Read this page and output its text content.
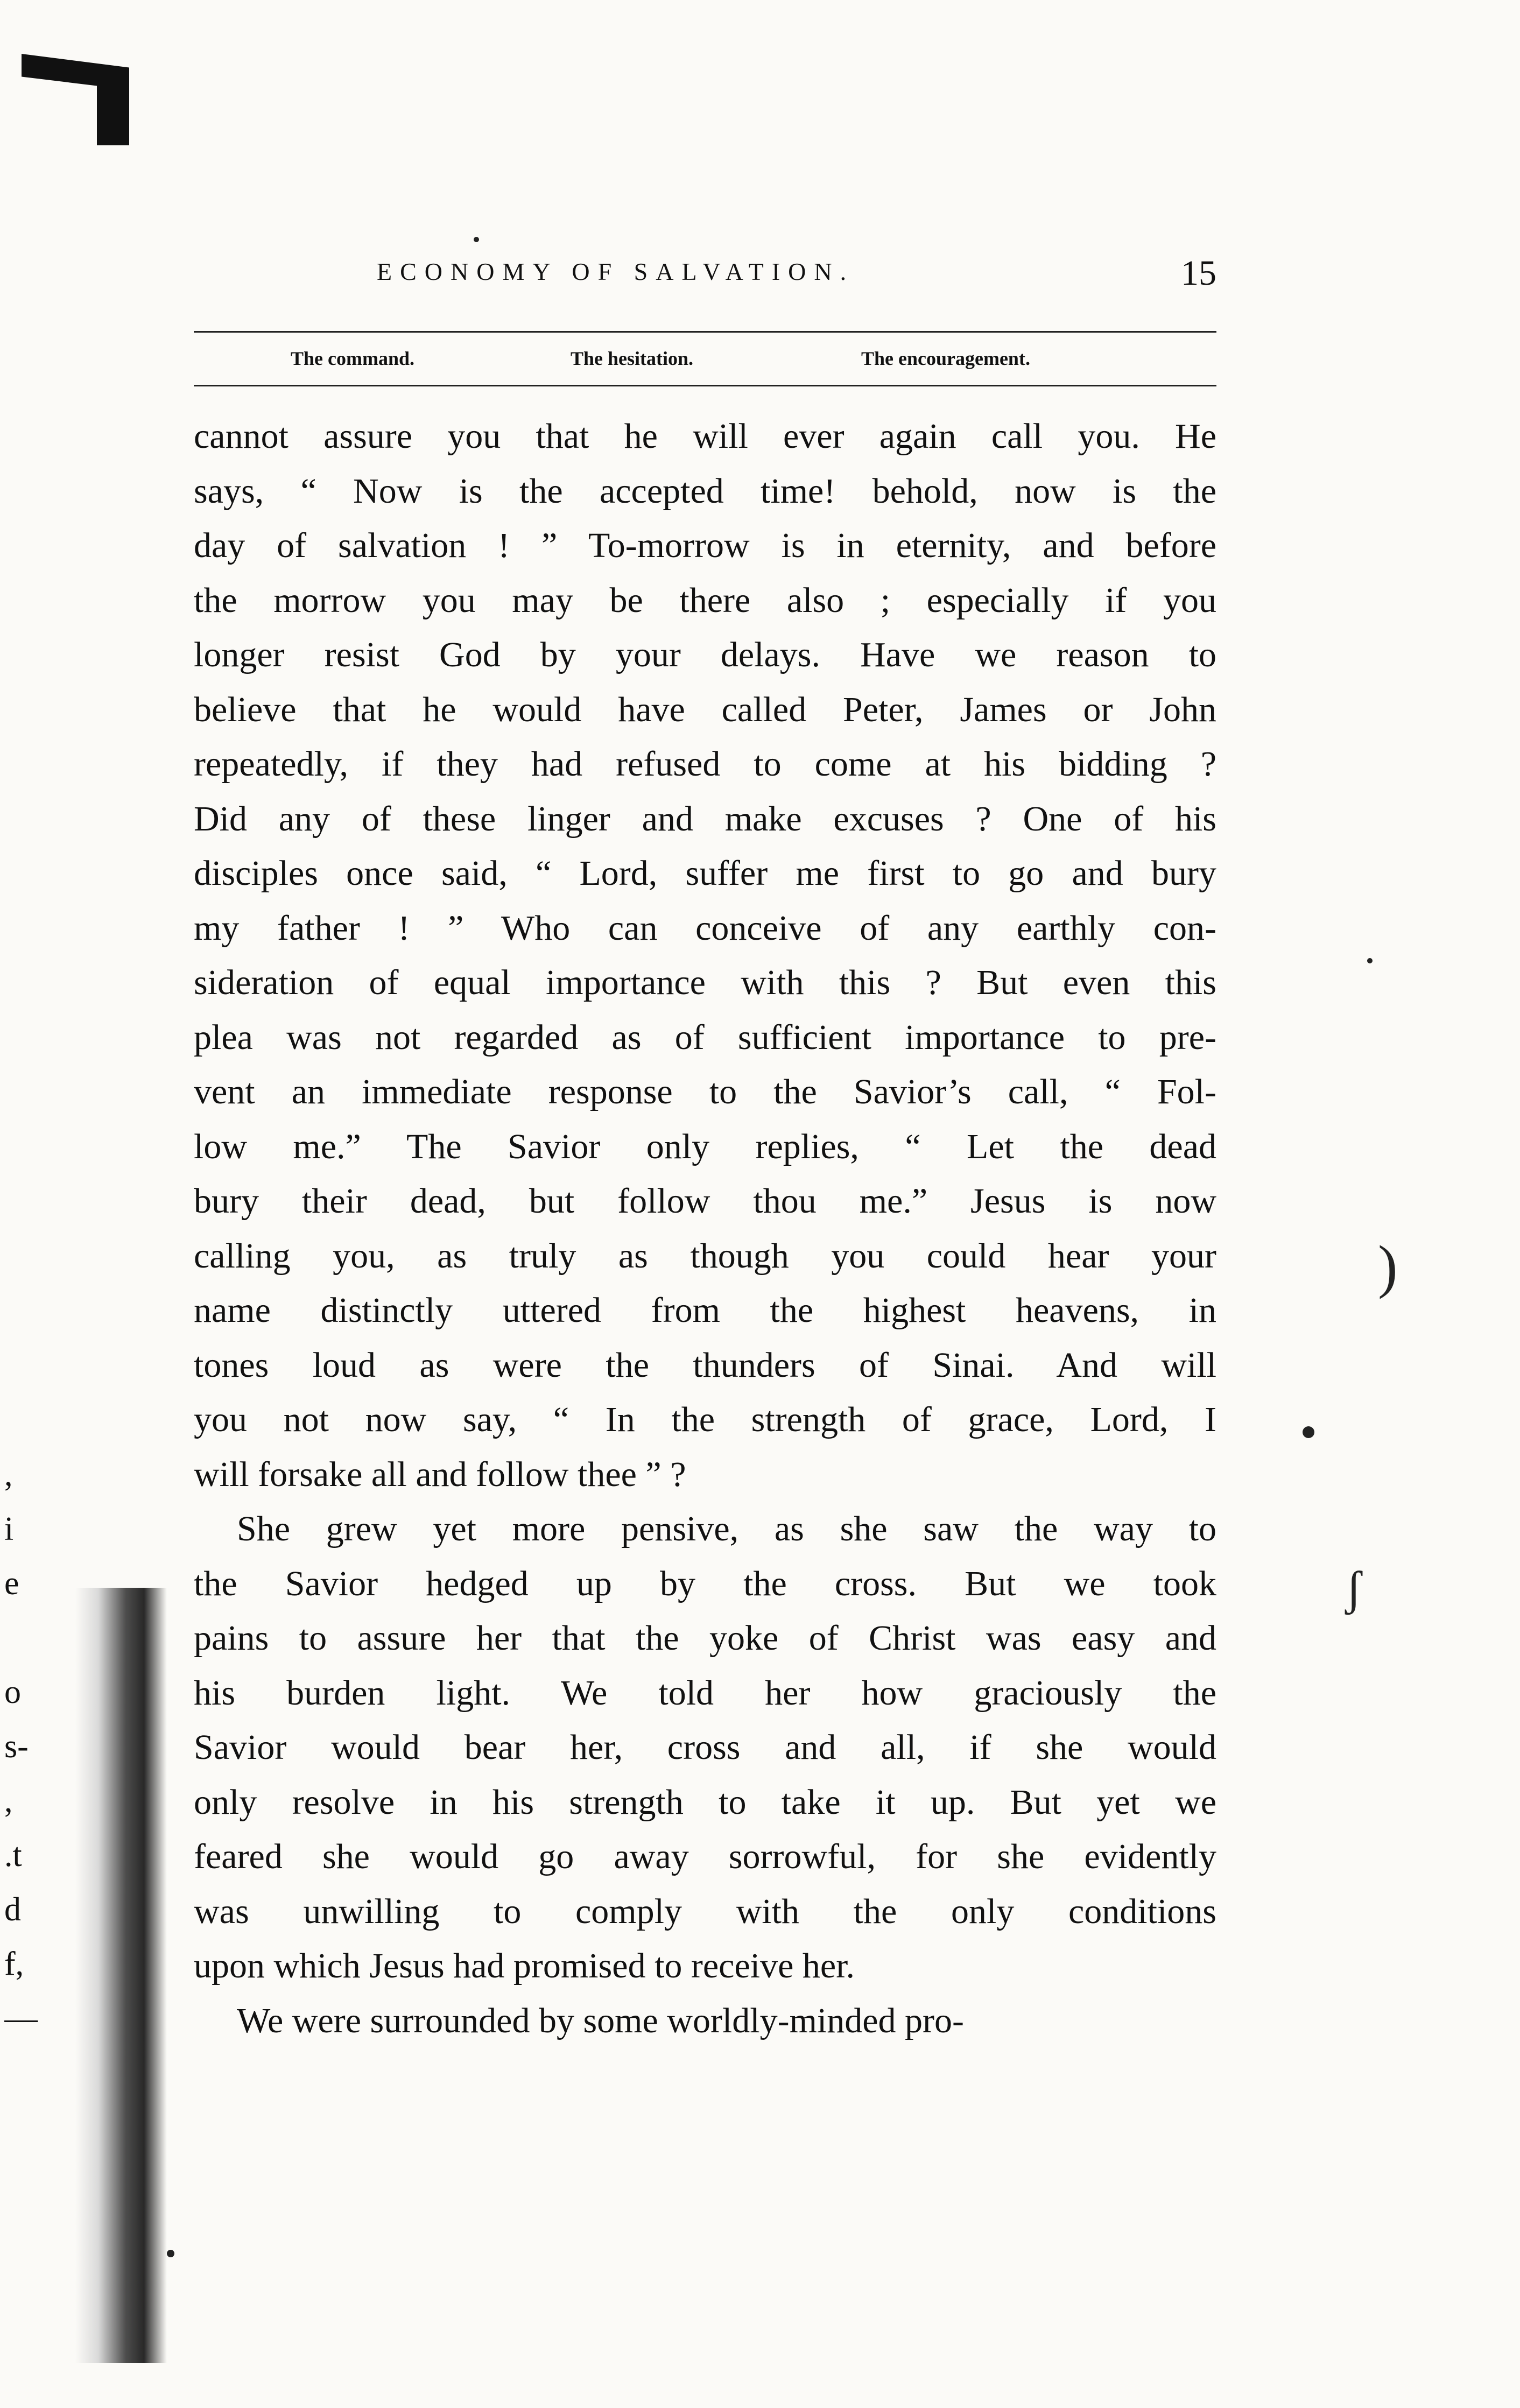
,
i
e
o
s-
,
.t
d
f,
—
ECONOMY OF SALVATION.	15
The command.	The hesitation.	The encouragement.
cannot assure you that he will ever again call you. He
says, “ Now is the accepted time! behold, now is the
day of salvation ! ” To-morrow is in eternity, and before
the morrow you may be there also ; especially if you
longer resist God by your delays. Have we reason to
believe that he would have called Peter, James or John
repeatedly, if they had refused to come at his bidding ?
Did any of these linger and make excuses ? One of his
disciples once said, “ Lord, suffer me first to go and bury
my father ! ” Who can conceive of any earthly con-
sideration of equal importance with this ? But even this
plea was not regarded as of sufficient importance to pre-
vent an immediate response to the Savior’s call, “ Fol-
low me.” The Savior only replies, “ Let the dead
bury their dead, but follow thou me.” Jesus is now
calling you, as truly as though you could hear your
name distinctly uttered from the highest heavens, in
tones loud as were the thunders of Sinai. And will
you not now say, “ In the strength of grace, Lord, I
will forsake all and follow thee ” ?
She grew yet more pensive, as she saw the way to
the Savior hedged up by the cross. But we took
pains to assure her that the yoke of Christ was easy and
his burden light. We told her how graciously the
Savior would bear her, cross and all, if she would
only resolve in his strength to take it up. But yet we
feared she would go away sorrowful, for she evidently
was unwilling to comply with the only conditions
upon which Jesus had promised to receive her.
We were surrounded by some worldly-minded pro-
)
ʃ
